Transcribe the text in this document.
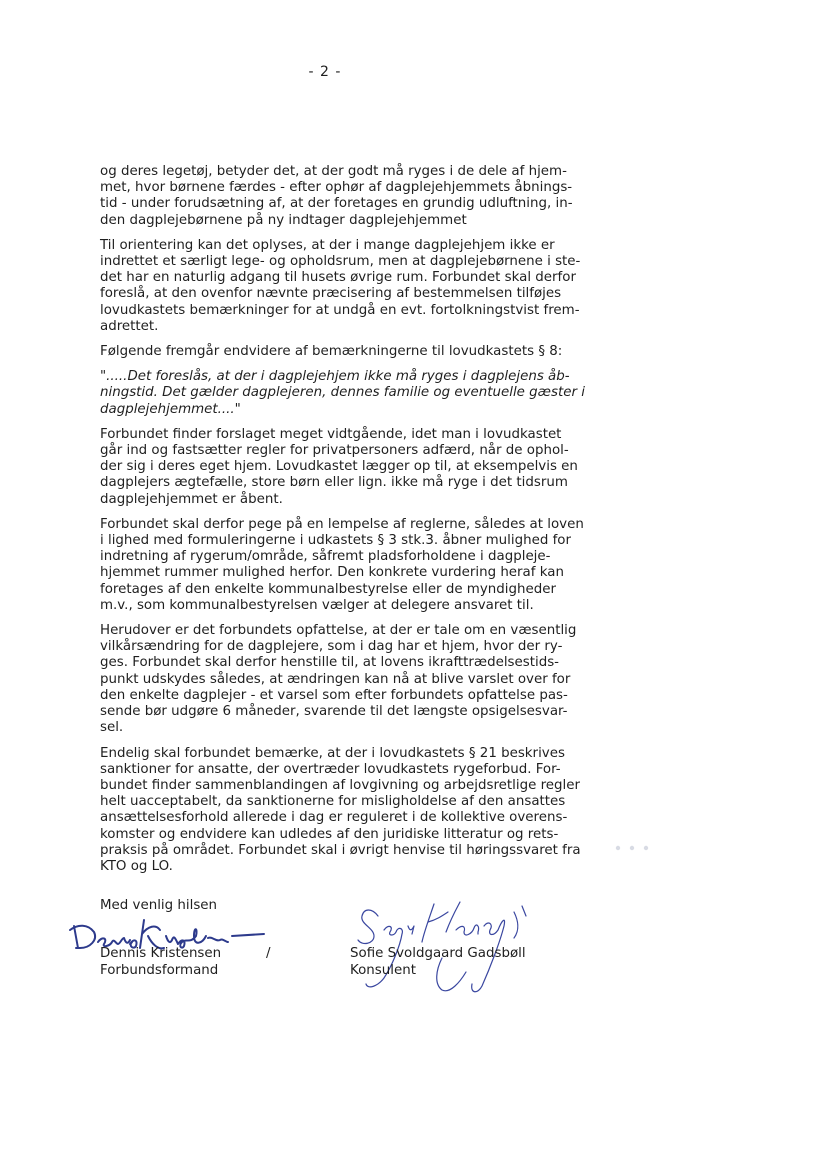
- 2 -
og deres legetøj, betyder det, at der godt må ryges i de dele af hjem-
met, hvor børnene færdes - efter ophør af dagplejehjemmets åbnings-
tid - under forudsætning af, at der foretages en grundig udluftning, in-
den dagplejebørnene på ny indtager dagplejehjemmet
Til orientering kan det oplyses, at der i mange dagplejehjem ikke er
indrettet et særligt lege- og opholdsrum, men at dagplejebørnene i ste-
det har en naturlig adgang til husets øvrige rum. Forbundet skal derfor
foreslå, at den ovenfor nævnte præcisering af bestemmelsen tilføjes
lovudkastets bemærkninger for at undgå en evt. fortolkningstvist frem-
adrettet.
Følgende fremgår endvidere af bemærkningerne til lovudkastets § 8:
".....Det foreslås, at der i dagplejehjem ikke må ryges i dagplejens åb-
ningstid. Det gælder dagplejeren, dennes familie og eventuelle gæster i
dagplejehjemmet...."
Forbundet finder forslaget meget vidtgående, idet man i lovudkastet
går ind og fastsætter regler for privatpersoners adfærd, når de ophol-
der sig i deres eget hjem. Lovudkastet lægger op til, at eksempelvis en
dagplejers ægtefælle, store børn eller lign. ikke må ryge i det tidsrum
dagplejehjemmet er åbent.
Forbundet skal derfor pege på en lempelse af reglerne, således at loven
i lighed med formuleringerne i udkastets § 3 stk.3. åbner mulighed for
indretning af rygerum/område, såfremt pladsforholdene i dagpleje-
hjemmet rummer mulighed herfor. Den konkrete vurdering heraf kan
foretages af den enkelte kommunalbestyrelse eller de myndigheder
m.v., som kommunalbestyrelsen vælger at delegere ansvaret til.
Herudover er det forbundets opfattelse, at der er tale om en væsentlig
vilkårsændring for de dagplejere, som i dag har et hjem, hvor der ry-
ges. Forbundet skal derfor henstille til, at lovens ikrafttrædelsestids-
punkt udskydes således, at ændringen kan nå at blive varslet over for
den enkelte dagplejer - et varsel som efter forbundets opfattelse pas-
sende bør udgøre 6 måneder, svarende til det længste opsigelsesvar-
sel.
Endelig skal forbundet bemærke, at der i lovudkastets § 21 beskrives
sanktioner for ansatte, der overtræder lovudkastets rygeforbud. For-
bundet finder sammenblandingen af lovgivning og arbejdsretlige regler
helt uacceptabelt, da sanktionerne for misligholdelse af den ansattes
ansættelsesforhold allerede i dag er reguleret i de kollektive overens-
komster og endvidere kan udledes af den juridiske litteratur og rets-
praksis på området. Forbundet skal i øvrigt henvise til høringssvaret fra
KTO og LO.
Med venlig hilsen
Dennis Kristensen
Forbundsformand
/	Sofie Svoldgaard Gadsbøll
Konsulent
